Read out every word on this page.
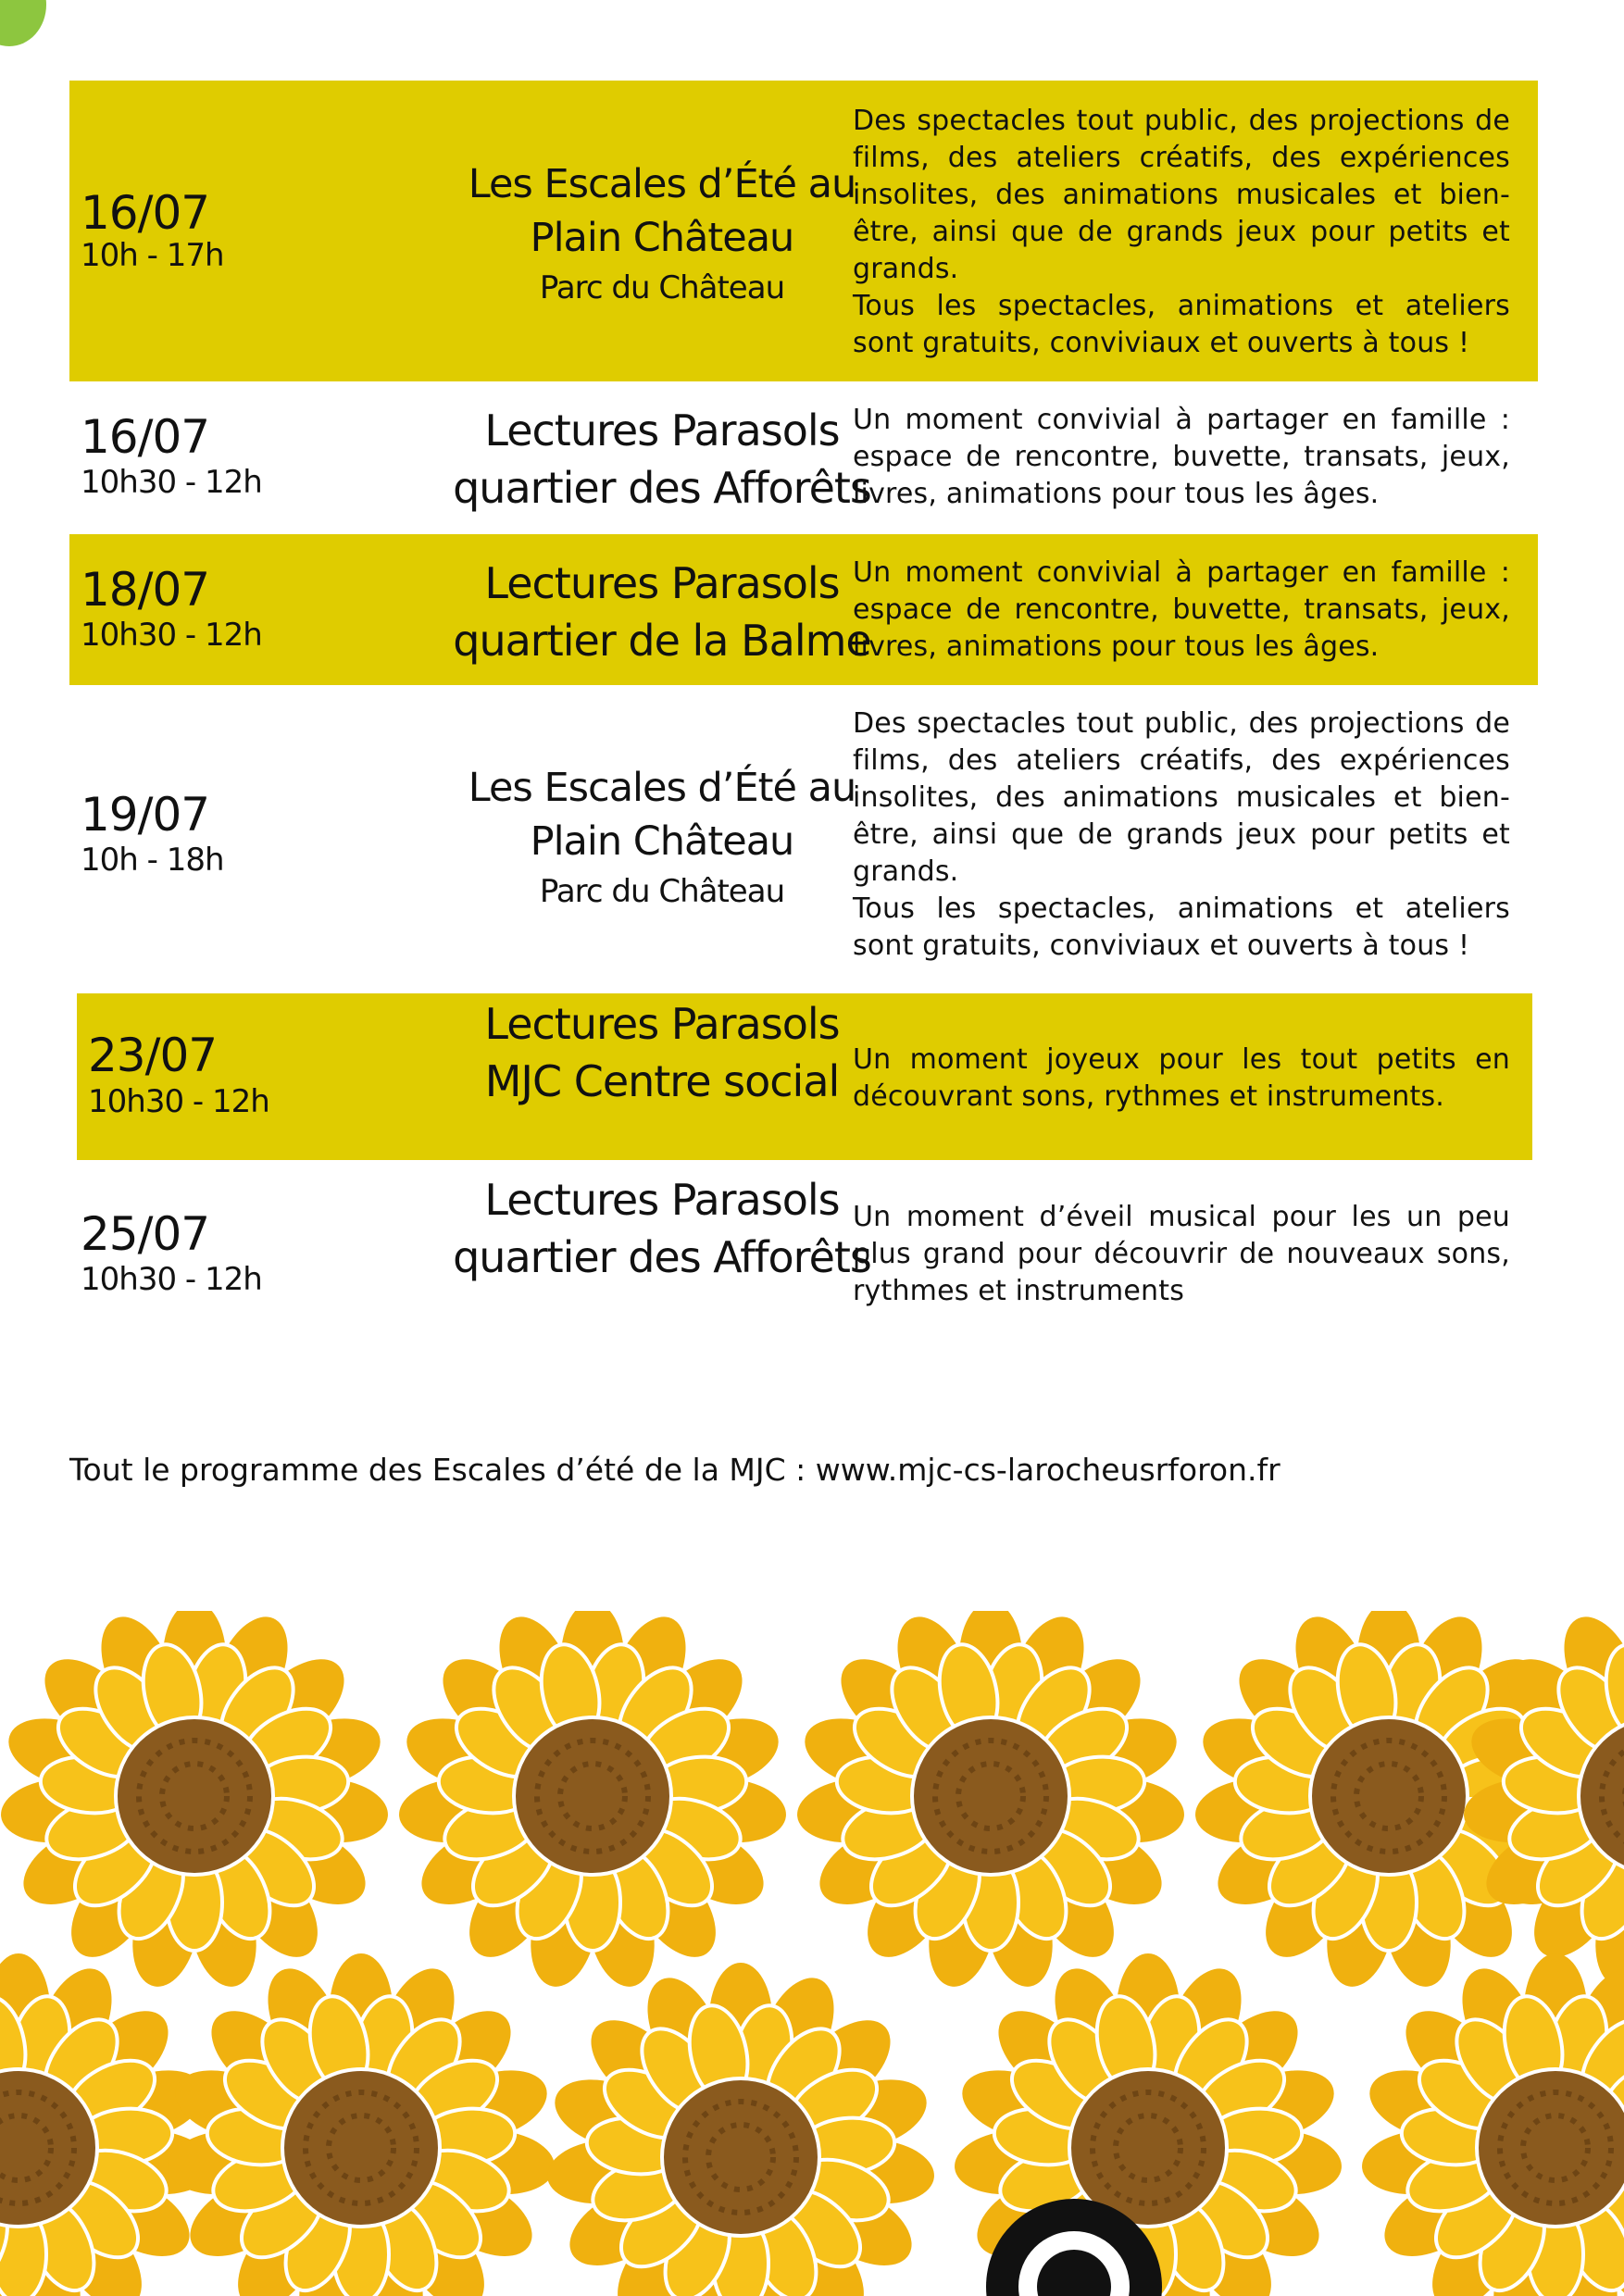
16/07
10h - 17h
Les Escales d’Été au
Plain Château
Parc du Château
Des spectacles tout public, des projections de films, des ateliers créatifs, des expériences insolites, des animations musicales et bien-être, ainsi que de grands jeux pour petits et grands.
Tous les spectacles, animations et ateliers sont gratuits, conviviaux et ouverts à tous !
16/07
10h30 - 12h
Lectures Parasols
quartier des Afforêts
Un moment convivial à partager en famille : espace de rencontre, buvette, transats, jeux, livres, animations pour tous les âges.
18/07
10h30 - 12h
Lectures Parasols
quartier de la Balme
Un moment convivial à partager en famille : espace de rencontre, buvette, transats, jeux, livres, animations pour tous les âges.
19/07
10h - 18h
Les Escales d’Été au
Plain Château
Parc du Château
Des spectacles tout public, des projections de films, des ateliers créatifs, des expériences insolites, des animations musicales et bien-être, ainsi que de grands jeux pour petits et grands.
Tous les spectacles, animations et ateliers sont gratuits, conviviaux et ouverts à tous !
23/07
10h30 - 12h
Lectures Parasols
MJC Centre social Un moment joyeux pour les tout petits en découvrant sons, rythmes et instruments.
25/07
10h30 - 12h
Lectures Parasols
quartier des Afforêts
Un moment d’éveil musical pour les un peu plus grand pour découvrir de nouveaux sons, rythmes et instruments
Tout le programme des Escales d’été de la MJC : www.mjc-cs-larocheusrforon.fr
